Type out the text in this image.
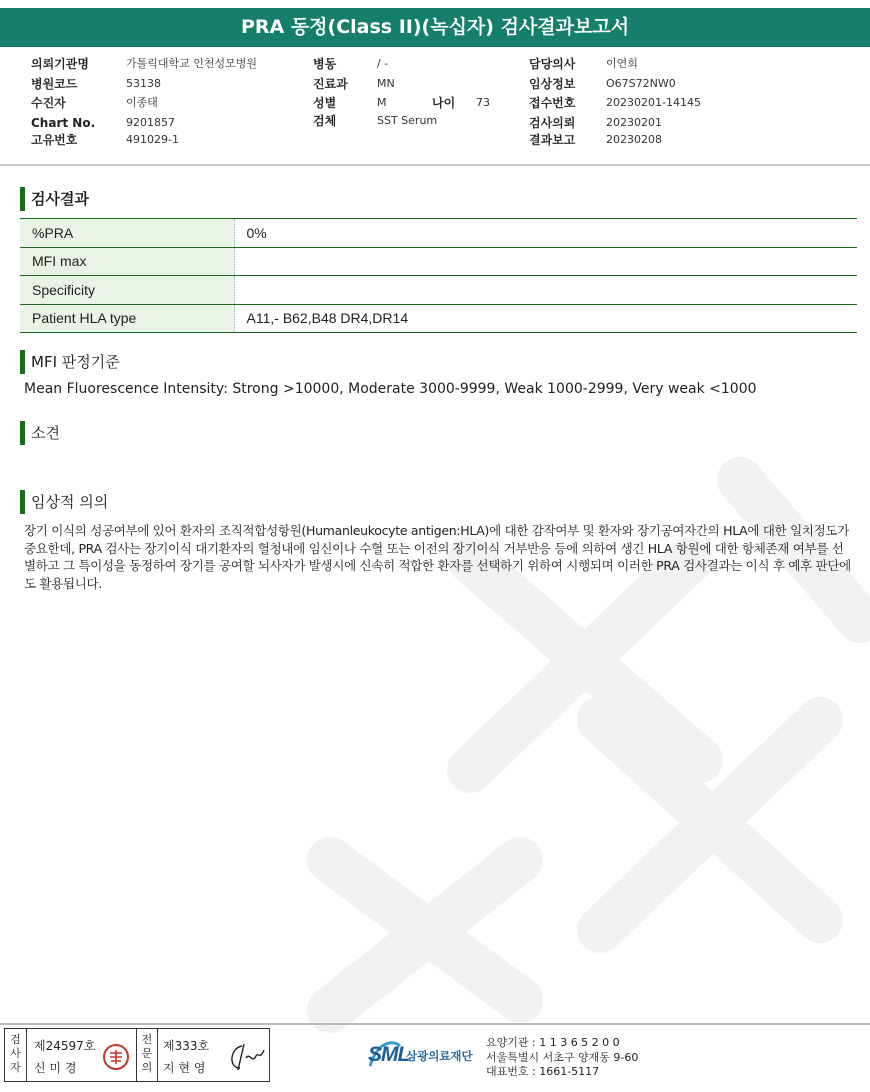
PRA 동정(Class II)(녹십자) 검사결과보고서
의뢰기관명	가톨릭대학교 인천성모병원
병원코드	53138
수진자	이종태
Chart No.	9201857
고유번호	491029-1
병동	/ -
진료과	MN
성별	M	나이 73
검체	SST Serum
담당의사	이연희
임상정보	O67S72NW0
접수번호	20230201-14145
검사의뢰	20230201
결과보고	20230208
검사결과
%PRA	0%
MFI max	
Specificity	
Patient HLA type	A11,- B62,B48 DR4,DR14
MFI 판정기준
Mean Fluorescence Intensity: Strong >10000, Moderate 3000-9999, Weak 1000-2999, Very weak <1000
소견
임상적 의의
장기 이식의 성공여부에 있어 환자의 조직적합성항원(Humanleukocyte antigen:HLA)에 대한 감작여부 및 환자와 장기공여자간의 HLA에 대한 일치정도가 중요한데, PRA 검사는 장기이식 대기환자의 혈청내에 임신이나 수혈 또는 이전의 장기이식 거부반응 등에 의하여 생긴 HLA 항원에 대한 항체존재 여부를 선별하고 그 특이성을 동정하여 장기를 공여할 뇌사자가 발생시에 신속히 적합한 환자를 선택하기 위하여 시행되며 이러한 PRA 검사결과는 이식 후 예후 판단에도 활용됩니다.
검사자
제24597호
신 미 경
전문의
제333호
지 현 영
SML
삼광의료재단
요양기관 : 1 1 3 6 5 2 0 0
서울특별시 서초구 양재동 9-60
대표번호 : 1661-5117
